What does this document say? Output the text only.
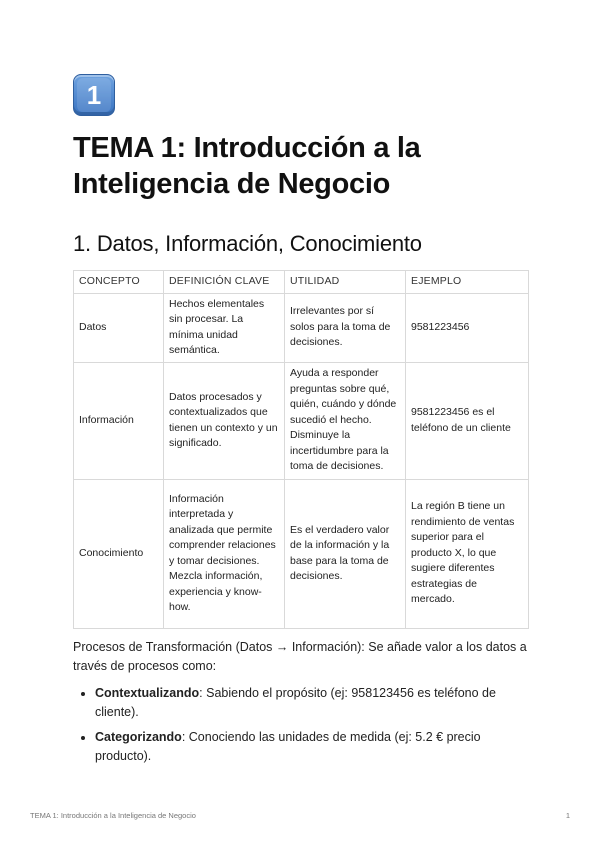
1
TEMA 1: Introducción a la Inteligencia de Negocio
1. Datos, Información, Conocimiento
CONCEPTO	DEFINICIÓN CLAVE	UTILIDAD	EJEMPLO
Datos	Hechos elementales sin procesar. La mínima unidad semántica.	Irrelevantes por sí solos para la toma de decisiones.	9581223456
Información	Datos procesados y contextualizados que tienen un contexto y un significado.	Ayuda a responder preguntas sobre qué, quién, cuándo y dónde sucedió el hecho. Disminuye la incertidumbre para la toma de decisiones.	9581223456 es el teléfono de un cliente
Conocimiento	Información interpretada y analizada que permite comprender relaciones y tomar decisiones. Mezcla información, experiencia y know-how.	Es el verdadero valor de la información y la base para la toma de decisiones.	La región B tiene un rendimiento de ventas superior para el producto X, lo que sugiere diferentes estrategias de mercado.

Procesos de Transformación (Datos → Información): Se añade valor a los datos a través de procesos como:

• Contextualizando: Sabiendo el propósito (ej: 958123456 es teléfono de cliente).
• Categorizando: Conociendo las unidades de medida (ej: 5.2 € precio producto).
TEMA 1: Introducción a la Inteligencia de Negocio	1
